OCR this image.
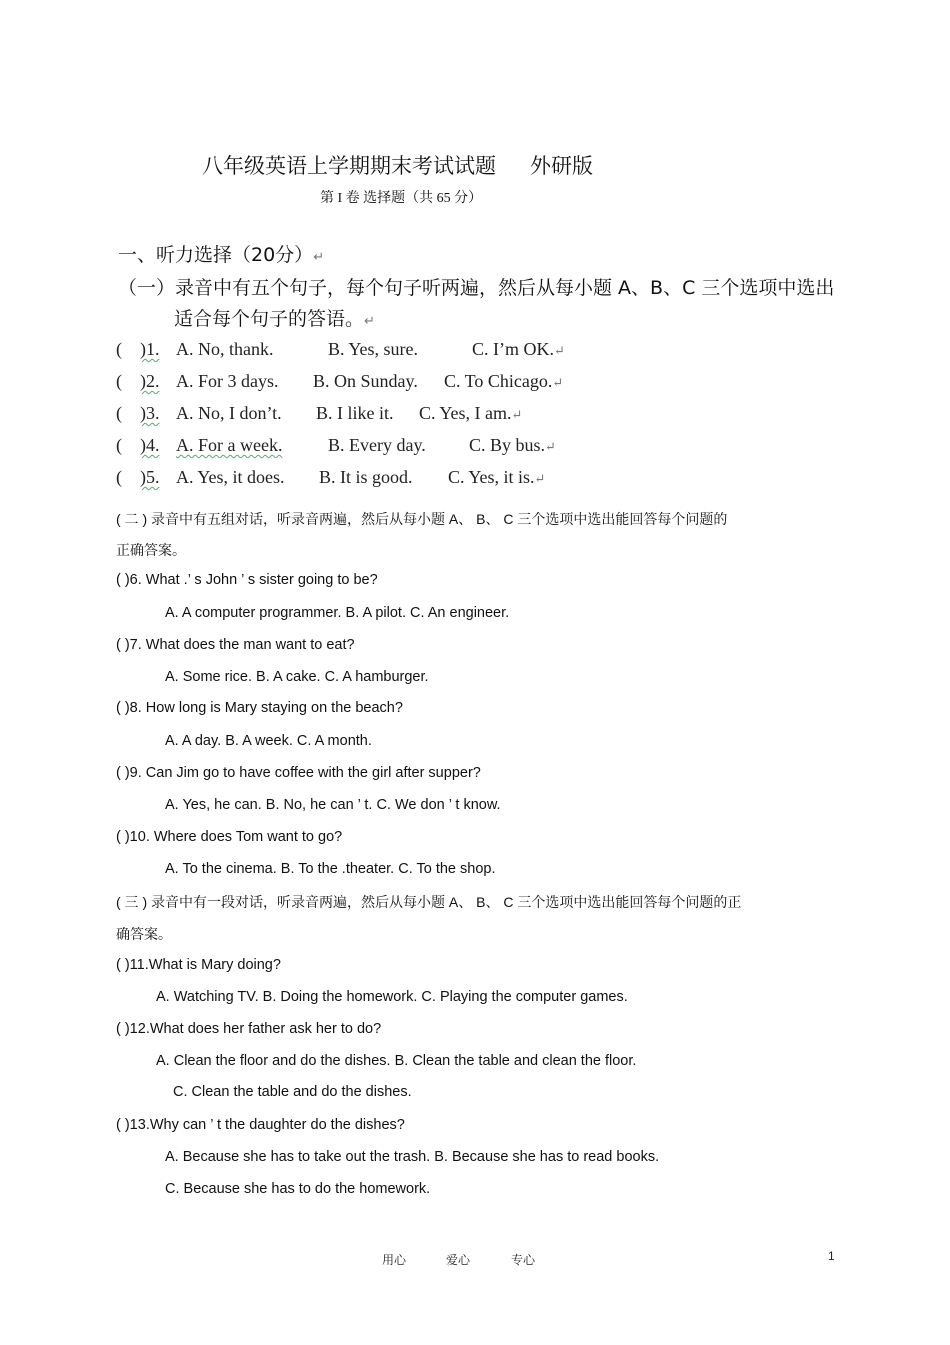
八年级英语上学期期末考试试题 外研版
第 I 卷 选择题（共 65 分）
一、听力选择（20分）↵
（一）录音中有五个句子，每个句子听两遍，然后从每小题 A、B、C 三个选项中选出
适合每个句子的答语。↵
(    )1. A. No, thank.	B. Yes, sure.	C. I’m OK.↵
(    )2. A. For 3 days. B. On Sunday. C. To Chicago.↵
(    )3. A. No, I don’t. B. I like it. C. Yes, I am.↵
(    )4. A. For a week.	B. Every day. C. By bus.↵
(    )5. A. Yes, it does. B. It is good. C. Yes, it is.↵
( 二 ) 录音中有五组对话，听录音两遍，然后从每小题 A、 B、 C 三个选项中选出能回答每个问题的
正确答案。
( )6. What .’ s John ’ s sister going to be?
A. A computer programmer. B. A pilot. C. An engineer.
( )7. What does the man want to eat?
A. Some rice. B. A cake. C. A hamburger.
( )8. How long is Mary staying on the beach?
A. A day. B. A week. C. A month.
( )9. Can Jim go to have coffee with the girl after supper?
A. Yes, he can. B. No, he can ’ t. C. We don ’ t know.
( )10. Where does Tom want to go?
A. To the cinema. B. To the .theater. C. To the shop.
( 三 ) 录音中有一段对话，听录音两遍，然后从每小题 A、 B、 C 三个选项中选出能回答每个问题的正
确答案。
( )11.What is Mary doing?
A. Watching TV. B. Doing the homework. C. Playing the computer games.
( )12.What does her father ask her to do?
A. Clean the floor and do the dishes. B. Clean the table and clean the floor.
C. Clean the table and do the dishes.
( )13.Why can ’ t the daughter do the dishes?
A. Because she has to take out the trash. B. Because she has to read books.
C. Because she has to do the homework.
用心	爱心	专心	1
